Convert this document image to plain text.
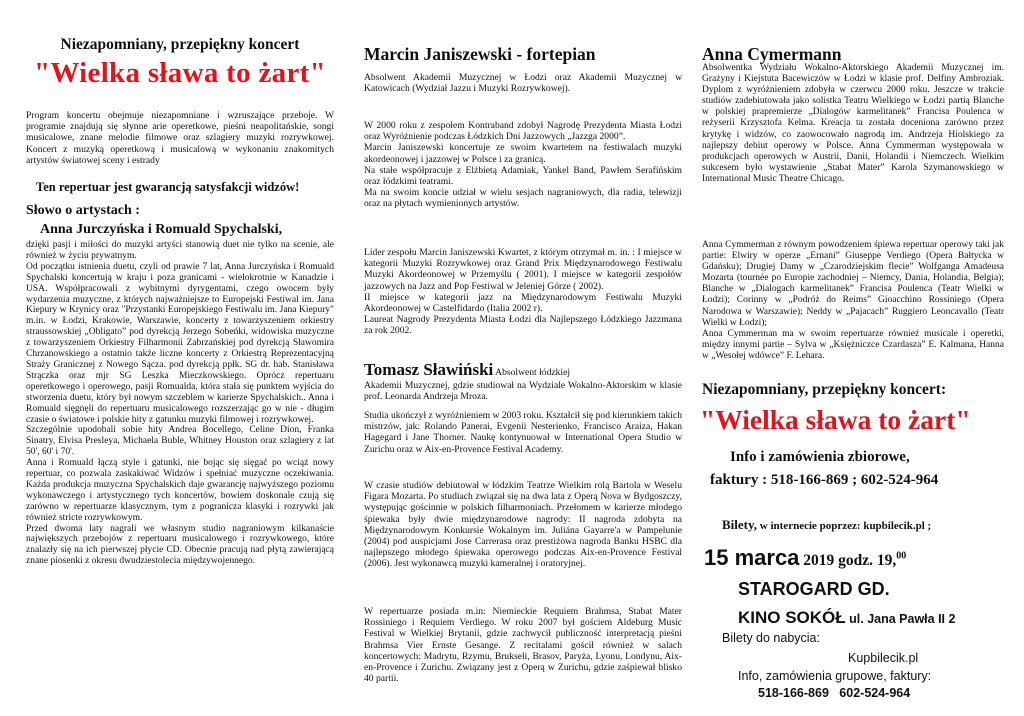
Niezapomniany, przepiękny koncert
"Wielka sława to żart"
Program koncertu obejmuje niezapomniane i wzruszające przeboje. W programie znajdują się słynne arie operetkowe, pieśni neapolitańskie, songi musicalowe, znane melodie filmowe oraz szlagiery muzyki rozrywkowej. Koncert z muzyką operetkową i musicalową w wykonaniu znakomitych artystów światowej sceny i estrady
Ten repertuar jest gwarancją satysfakcji widzów!
Słowo o artystach :
Anna Jurczyńska i Romuald Spychalski,
dzięki pasji i miłości do muzyki artyści stanowią duet nie tylko na scenie, ale również w życiu prywatnym.
Od początku istnienia duetu, czyli od prawie 7 lat, Anna Jurczyńska i Romuald Spychalski koncertują w kraju i poza granicami - wielokrotnie w Kanadzie i USA. Współpracowali z wybitnymi dyrygentami, czego owocem były wydarzenia muzyczne, z których najważniejsze to Europejski Festiwal im. Jana Kiepury w Krynicy oraz "Przystanki Europejskiego Festiwalu im. Jana Kiepury" m.in. w Łodzi, Krakowie, Warszawie, koncerty z towarzyszeniem orkiestry straussowskiej „Obligato” pod dyrekcją Jerzego Sobeńki, widowiska muzyczne z towarzyszeniem Orkiestry Filharmonii Zabrzańskiej pod dyrekcją Sławomira Chrzanowskiego a ostatnio także liczne koncerty z Orkiestrą Reprezentacyjną Straży Granicznej z Nowego Sącza. pod dyrekcją ppłk. SG dr. hab. Stanisława Strączka oraz mjr SG Leszka Mieczkowskiego. Oprócz repertuaru operetkowego i operowego, pasji Romualda, która stała się punktem wyjścia do stworzenia duetu, który był nowym szczeblem w karierze Spychalskich.. Anna i Romuald sięgnęli do repertuaru musicalowego rozszerzając go w nie - długim czasie o światowe i polskie hity z gatunku muzyki filmowej i rozrywkowej.
Szczególnie upodobali sobie hity Andrea Bocellego, Celine Dion, Franka Sinatry, Elvisa Presleya, Michaela Buble, Whitney Houston oraz szlagiery z lat 50', 60' i 70'.
Anna i Romuald łączą style i gatunki, nie bojąc się sięgać po wciąż nowy repertuar, co pozwala zaskakiwać Widzów i spełniać muzyczne oczekiwania. Każda produkcja muzyczna Spychalskich daje gwarancję najwyższego poziomu wykonawczego i artystycznego tych koncertów, bowiem doskonale czują się zarówno w repertuarze klasycznym, tym z pogranicza klasyki i rozrywki jak również stricte rozrywkowym.
Przed dwoma laty nagrali we własnym studio nagraniowym kilkanaście największych przebojów z repertuaru musicalowego i rozrywkowego, które znalazły się na ich pierwszej płycie CD. Obecnie pracują nad płytą zawierającą znane piosenki z okresu dwudziestolecia międzywojennego.
Marcin Janiszewski - fortepian
Absolwent Akademii Muzycznej w Łodzi oraz Akademii Muzycznej w Katowicach (Wydział Jazzu i Muzyki Rozrywkowej).
W 2000 roku z zespołem Kontraband zdobył Nagrodę Prezydenta Miasta Łodzi oraz Wyróżnienie podczas Łódzkich Dni Jazzowych „Jazzga 2000”.
Marcin Janiszewski koncertuje ze swoim kwartetem na festiwalach muzyki akordeonowej i jazzowej w Polsce i za granicą.
Na stałe współpracuje z Elżbietą Adamiak, Yankel Band, Pawłem Serafińskim oraz łódzkimi teatrami.
Ma na swoim koncie udział w wielu sesjach nagraniowych, dla radia, telewizji oraz na płytach wymienionych artystów.
Lider zespołu Marcin Janiszewski Kwartet, z którym otrzymał m. in. : I miejsce w kategorii Muzyki Rozrywkowej oraz Grand Prix Międzynarodowego Festiwalu Muzyki Akordeonowej w Przemyślu ( 2001). I miejsce w kategorii zespołów jazzowych na Jazz and Pop Festiwal w Jeleniej Górze ( 2002).
II miejsce w kategorii jazz na Międzynarodowym Festiwalu Muzyki Akordeonowej w Castelfidardo (Italia 2002 r).
Laureat Nagrody Prezydenta Miasta Łodzi dla Najlepszego Łódzkiego Jazzmana za rok 2002.
Tomasz Sławiński Absolwent łódzkiej
Akademii Muzycznej, gdzie studiował na Wydziale Wokalno-Aktorskim w klasie prof. Leonarda Andrzeja Mroza.
Studia ukończył z wyróżnieniem w 2003 roku. Kształcił się pod kierunkiem takich mistrzów, jak: Rolando Panerai, Evgenii Nesterienko, Francisco Araiza, Hakan Hagegard i Jane Thorner. Naukę kontynuował w International Opera Studio w Zurichu oraz w Aix-en-Provence Festival Academy.
W czasie studiów debiutował w łódzkim Teatrze Wielkim rolą Bartola w Weselu Figara Mozarta. Po studiach związał się na dwa lata z Operą Nova w Bydgoszczy, występując gościnnie w polskich filharmoniach. Przełomem w karierze młodego śpiewaka były dwie międzynarodowe nagrody: II nagroda zdobyta na Międzynarodowym Konkursie Wokalnym im. Juliána Gayarre'a w Pampelunie (2004) pod auspicjami Jose Carrerasa oraz prestiżowa nagroda Banku HSBC dla najlepszego młodego śpiewaka operowego podczas Aix-en-Provence Festival (2006). Jest wykonawcą muzyki kameralnej i oratoryjnej.
W repertuarze posiada m.in: Niemieckie Requiem Brahmsa, Stabat Mater Rossiniego i Requiem Verdiego. W roku 2007 był gościem Aldeburg Music Festival w Wielkiej Brytanii, gdzie zachwycił publiczność interpretacją pieśni Brahmsa Vier Ernste Gesange. Z recitalami gościł również w salach koncertowych: Madrytu, Rzymu, Brukseli, Brasov, Paryża, Lyonu, Londynu, Aix-en-Provence i Zurichu. Związany jest z Operą w Zurichu, gdzie zaśpiewał blisko 40 partii.
Anna Cymermann
Absolwentka Wydziału Wokalno-Aktorskiego Akademii Muzycznej im. Grażyny i Kiejstuta Bacewiczów w Łodzi w klasie prof. Delfiny Ambroziak. Dyplom z wyróżnieniem zdobyła w czerwcu 2000 roku. Jeszcze w trakcie studiów zadebiutowała jako solistka Teatru Wielkiego w Łodzi partią Blanche w polskiej prapremierze „Dialogów karmelitanek” Francisa Poulenca w reżyserii Krzysztofa Kelma. Kreacja ta została doceniona zarówno przez krytykę i widzów, co zaowocowało nagrodą im. Andrzeja Hiolskiego za najlepszy debiut operowy w Polsce. Anna Cymmerman występowała w produkcjach operowych w Austrii, Danii, Holandii i Niemczech. Wielkim sukcesem było wystawienie „Stabat Mater” Karola Szymanowskiego w International Music Theatre Chicago.
Anna Cymmerman z równym powodzeniem śpiewa repertuar operowy taki jak partie: Elwiry w operze „Ernani” Giuseppe Verdiego (Opera Bałtycka w Gdańsku); Drugiej Damy w „Czarodziejskim flecie” Wolfganga Amadeusa Mozarta (tournée po Europie zachodniej – Niemcy, Dania, Holandia, Belgia); Blanche w „Dialogach karmelitanek” Francisa Poulenca (Teatr Wielki w Łodzi); Corinny w „Podróż do Reims” Gioacchino Rossiniego (Opera Narodowa w Warszawie); Neddy w „Pajacach” Ruggiero Leoncavallo (Teatr Wielki w Łodzi);
Anna Cymmerman ma w swoim repertuarze również musicale i operetki, między innymi partie – Sylva w „Księżniczce Czardasza” E. Kalmana, Hanna w „Wesołej wdówce” F. Lehara.
Niezapomniany, przepiękny koncert:
"Wielka sława to żart"
Info i zamówienia zbiorowe,
faktury : 518-166-869 ; 602-524-964
Bilety, w internecie poprzez: kupbilecik.pl ;
15 marca 2019 godz. 19,00
STAROGARD GD.
KINO SOKÓŁ ul. Jana Pawła II 2
Bilety do nabycia:
Kupbilecik.pl
Info, zamówienia grupowe, faktury:
518-166-869   602-524-964
